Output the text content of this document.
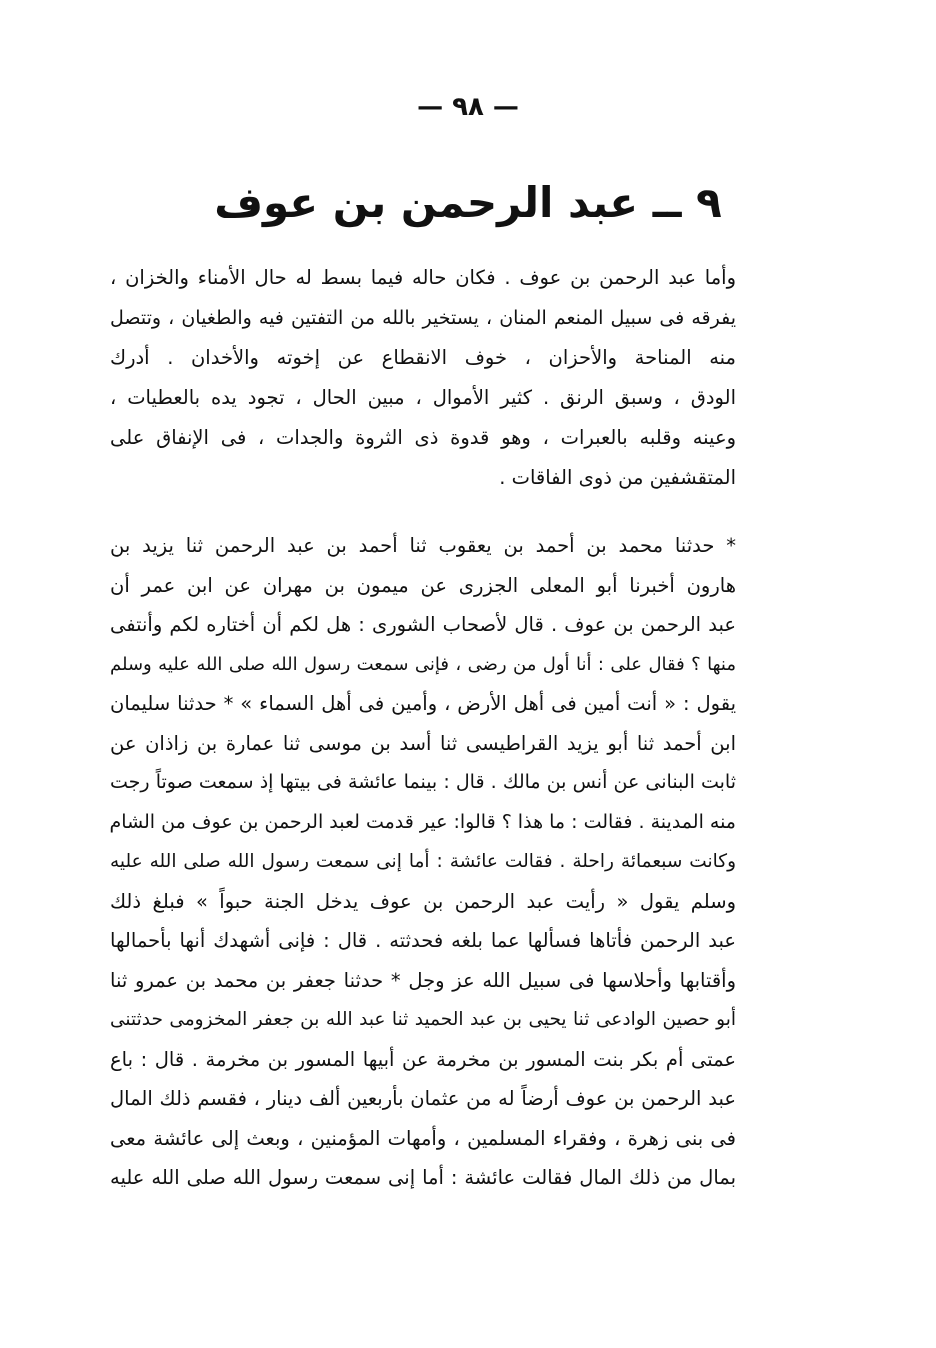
— ٩٨ —
٩ ــ عبد الرحمن بن عوف
وأما عبد الرحمن بن عوف . فكان حاله فيما بسط له حال الأمناء والخزان ،
يفرقه فى سبيل المنعم المنان ، يستخير بالله من التفتين فيه والطغيان ، وتتصل
منه المناحة والأحزان ، خوف الانقطاع عن إخوته والأخدان . أدرك
الودق ، وسبق الرنق . كثير الأموال ، مبين الحال ، تجود يده بالعطيات ،
وعينه وقلبه بالعبرات ، وهو قدوة ذى الثروة والجدات ، فى الإنفاق على
المتقشفين من ذوى الفاقات .
* حدثنا محمد بن أحمد بن يعقوب ثنا أحمد بن عبد الرحمن ثنا يزيد بن
هارون أخبرنا أبو المعلى الجزرى عن ميمون بن مهران عن ابن عمر أن
عبد الرحمن بن عوف . قال لأصحاب الشورى : هل لكم أن أختاره لكم وأنتفى
منها ؟ فقال على : أنا أول من رضى ، فإنى سمعت رسول الله صلى الله عليه وسلم
يقول : « أنت أمين فى أهل الأرض ، وأمين فى أهل السماء » * حدثنا سليمان
ابن أحمد ثنا أبو يزيد القراطيسى ثنا أسد بن موسى ثنا عمارة بن زاذان عن
ثابت البنانى عن أنس بن مالك . قال : بينما عائشة فى بيتها إذ سمعت صوتاً رجت
منه المدينة . فقالت : ما هذا ؟ قالوا: عير قدمت لعبد الرحمن بن عوف من الشام
وكانت سبعمائة راحلة . فقالت عائشة : أما إنى سمعت رسول الله صلى الله عليه
وسلم يقول « رأيت عبد الرحمن بن عوف يدخل الجنة حبواً » فبلغ ذلك
عبد الرحمن فأتاها فسألها عما بلغه فحدثته . قال : فإنى أشهدك أنها بأحمالها
وأقتابها وأحلاسها فى سبيل الله عز وجل * حدثنا جعفر بن محمد بن عمرو ثنا
أبو حصين الوادعى ثنا يحيى بن عبد الحميد ثنا عبد الله بن جعفر المخزومى حدثتنى
عمتى أم بكر بنت المسور بن مخرمة عن أبيها المسور بن مخرمة . قال : باع
عبد الرحمن بن عوف أرضاً له من عثمان بأربعين ألف دينار ، فقسم ذلك المال
فى بنى زهرة ، وفقراء المسلمين ، وأمهات المؤمنين ، وبعث إلى عائشة معى
بمال من ذلك المال فقالت عائشة : أما إنى سمعت رسول الله صلى الله عليه
